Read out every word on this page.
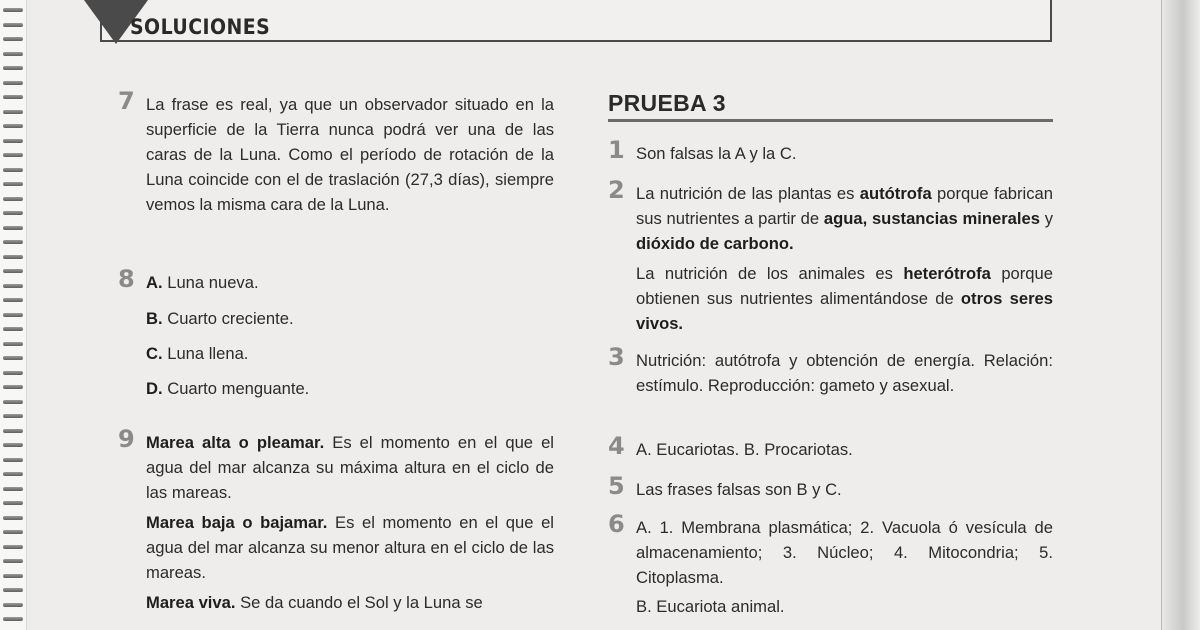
SOLUCIONES
7 La frase es real, ya que un observador situado en la superficie de la Tierra nunca podrá ver una de las caras de la Luna. Como el período de rotación de la Luna coincide con el de traslación (27,3 días), siempre vemos la misma cara de la Luna.
8 A. Luna nueva.
B. Cuarto creciente.
C. Luna llena.
D. Cuarto menguante.
9 Marea alta o pleamar. Es el momento en el que el agua del mar alcanza su máxima altura en el ciclo de las mareas.

Marea baja o bajamar. Es el momento en el que el agua del mar alcanza su menor altura en el ciclo de las mareas.

Marea viva. Se da cuando el Sol y la Luna se

PRUEBA 3
1 Son falsas la A y la C.
2 La nutrición de las plantas es autótrofa porque fabrican sus nutrientes a partir de agua, sustancias minerales y dióxido de carbono.

La nutrición de los animales es heterótrofa porque obtienen sus nutrientes alimentándose de otros seres vivos.

3 Nutrición: autótrofa y obtención de energía. Relación: estímulo. Reproducción: gameto y asexual.
4 A. Eucariotas. B. Procariotas.
5 Las frases falsas son B y C.
6 A. 1. Membrana plasmática; 2. Vacuola ó vesícula de almacenamiento; 3. Núcleo; 4. Mitocondria; 5. Citoplasma.
B. Eucariota animal.
